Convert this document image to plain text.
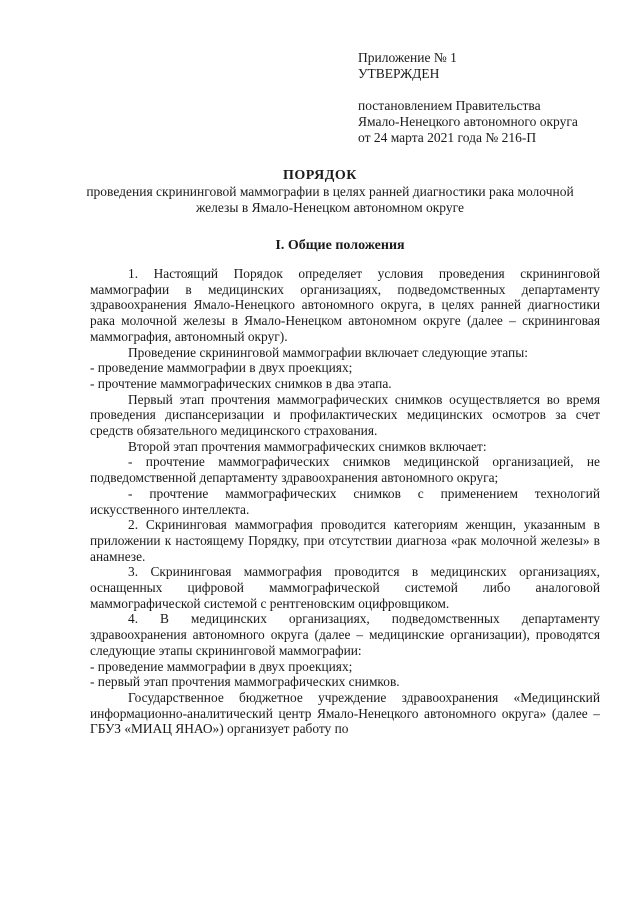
Приложение № 1
УТВЕРЖДЕН
постановлением Правительства
Ямало-Ненецкого автономного округа
от 24 марта 2021 года № 216-П
ПОРЯДОК
проведения скрининговой маммографии в целях ранней диагностики рака молочной железы в Ямало-Ненецком автономном округе
I. Общие положения

1. Настоящий Порядок определяет условия проведения скрининговой маммографии в медицинских организациях, подведомственных департаменту здравоохранения Ямало-Ненецкого автономного округа, в целях ранней диагностики рака молочной железы в Ямало-Ненецком автономном округе (далее – скрининговая маммография, автономный округ).

Проведение скрининговой маммографии включает следующие этапы:

- проведение маммографии в двух проекциях;

- прочтение маммографических снимков в два этапа.

Первый этап прочтения маммографических снимков осуществляется во время проведения диспансеризации и профилактических медицинских осмотров за счет средств обязательного медицинского страхования.

Второй этап прочтения маммографических снимков включает:

- прочтение маммографических снимков медицинской организацией, не подведомственной департаменту здравоохранения автономного округа;

- прочтение маммографических снимков с применением технологий искусственного интеллекта.

2. Скрининговая маммография проводится категориям женщин, указанным в приложении к настоящему Порядку, при отсутствии диагноза «рак молочной железы» в анамнезе.

3. Скрининговая маммография проводится в медицинских организациях, оснащенных цифровой маммографической системой либо аналоговой маммографической системой с рентгеновским оцифровщиком.

4. В медицинских организациях, подведомственных департаменту здравоохранения автономного округа (далее – медицинские организации), проводятся следующие этапы скрининговой маммографии:

- проведение маммографии в двух проекциях;

- первый этап прочтения маммографических снимков.

Государственное бюджетное учреждение здравоохранения «Медицинский информационно-аналитический центр Ямало-Ненецкого автономного округа» (далее – ГБУЗ «МИАЦ ЯНАО») организует работу по
